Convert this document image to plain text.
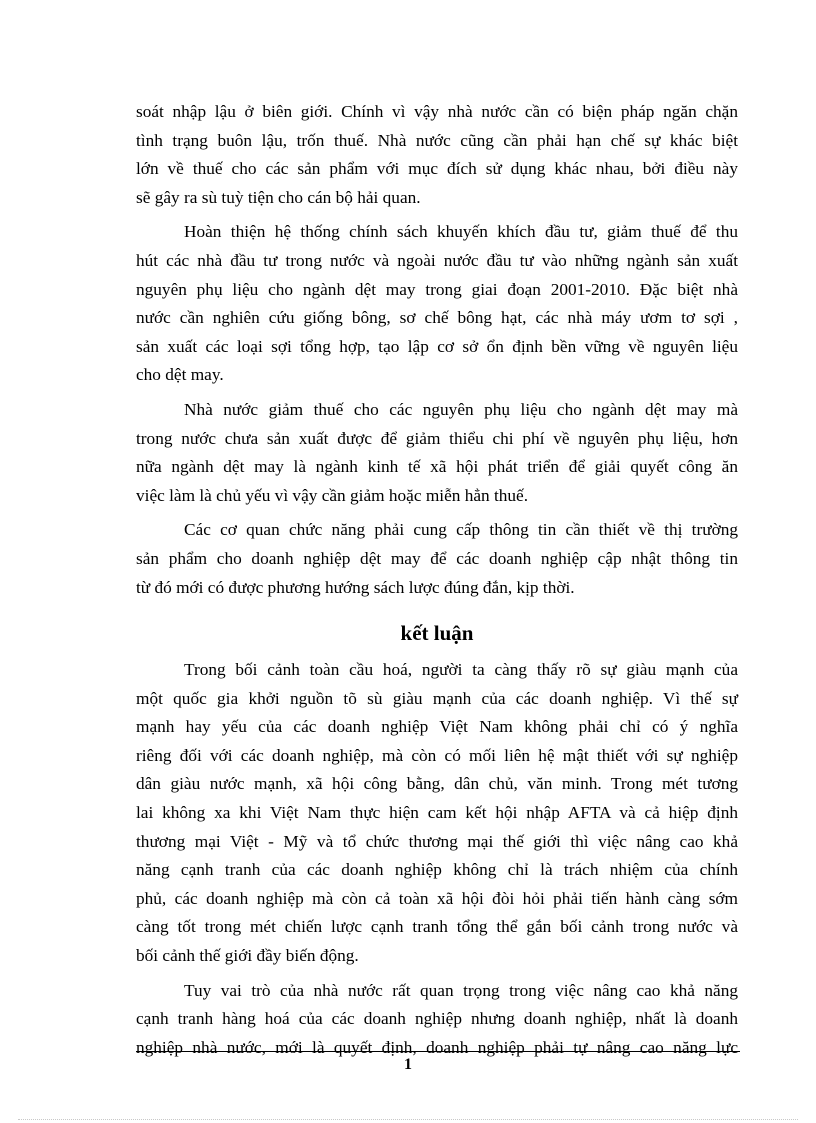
soát nhập lậu ở biên giới. Chính vì vậy nhà nước cần có biện pháp ngăn chặn
tình trạng buôn lậu, trốn thuế. Nhà nước cũng cần phải hạn chế sự khác biệt
lớn về thuế cho các sản phẩm với mục đích sử dụng khác nhau, bởi điều này
sẽ gây ra sù tuỳ tiện cho cán bộ hải quan.
Hoàn thiện hệ thống chính sách khuyến khích đầu tư, giảm thuế để thu
hút các nhà đầu tư trong nước và ngoài nước đầu tư vào những ngành sản xuất
nguyên phụ liệu cho ngành dệt may trong giai đoạn 2001-2010. Đặc biệt nhà
nước cần nghiên cứu giống bông, sơ chế bông hạt, các nhà máy ươm tơ sợi ,
sản xuất các loại sợi tổng hợp, tạo lập cơ sở ổn định bền vững về nguyên liệu
cho dệt may.
Nhà nước giảm thuế cho các nguyên phụ liệu cho ngành dệt may mà
trong nước chưa sản xuất được để giảm thiểu chi phí về nguyên phụ liệu, hơn
nữa ngành dệt may là ngành kinh tế xã hội phát triển để giải quyết công ăn
việc làm là chủ yếu vì vậy cần giảm hoặc miễn hẳn thuế.
Các cơ quan chức năng phải cung cấp thông tin cần thiết về thị trường
sản phẩm cho doanh nghiệp dệt may để các doanh nghiệp cập nhật thông tin
từ đó mới có được phương hướng sách lược đúng đắn, kịp thời.
kết luận
Trong bối cảnh toàn cầu hoá, người ta càng thấy rõ sự giàu mạnh của
một quốc gia khởi nguồn tõ sù giàu mạnh của các doanh nghiệp. Vì thế sự
mạnh hay yếu của các doanh nghiệp Việt Nam không phải chỉ có ý nghĩa
riêng đối với các doanh nghiệp, mà còn có mối liên hệ mật thiết với sự nghiệp
dân giàu nước mạnh, xã hội công bằng, dân chủ, văn minh. Trong mét tương
lai không xa khi Việt Nam thực hiện cam kết hội nhập AFTA và cả hiệp định
thương mại Việt - Mỹ và tổ chức thương mại thế giới thì việc nâng cao khả
năng cạnh tranh của các doanh nghiệp không chỉ là trách nhiệm của chính
phủ, các doanh nghiệp mà còn cả toàn xã hội đòi hỏi phải tiến hành càng sớm
càng tốt trong mét chiến lược cạnh tranh tổng thể gắn bối cảnh trong nước và
bối cảnh thế giới đầy biến động.
Tuy vai trò của nhà nước rất quan trọng trong việc nâng cao khả năng
cạnh tranh hàng hoá của các doanh nghiệp nhưng doanh nghiệp, nhất là doanh
nghiệp nhà nước, mới là quyết định, doanh nghiệp phải tự nâng cao năng lực
1
